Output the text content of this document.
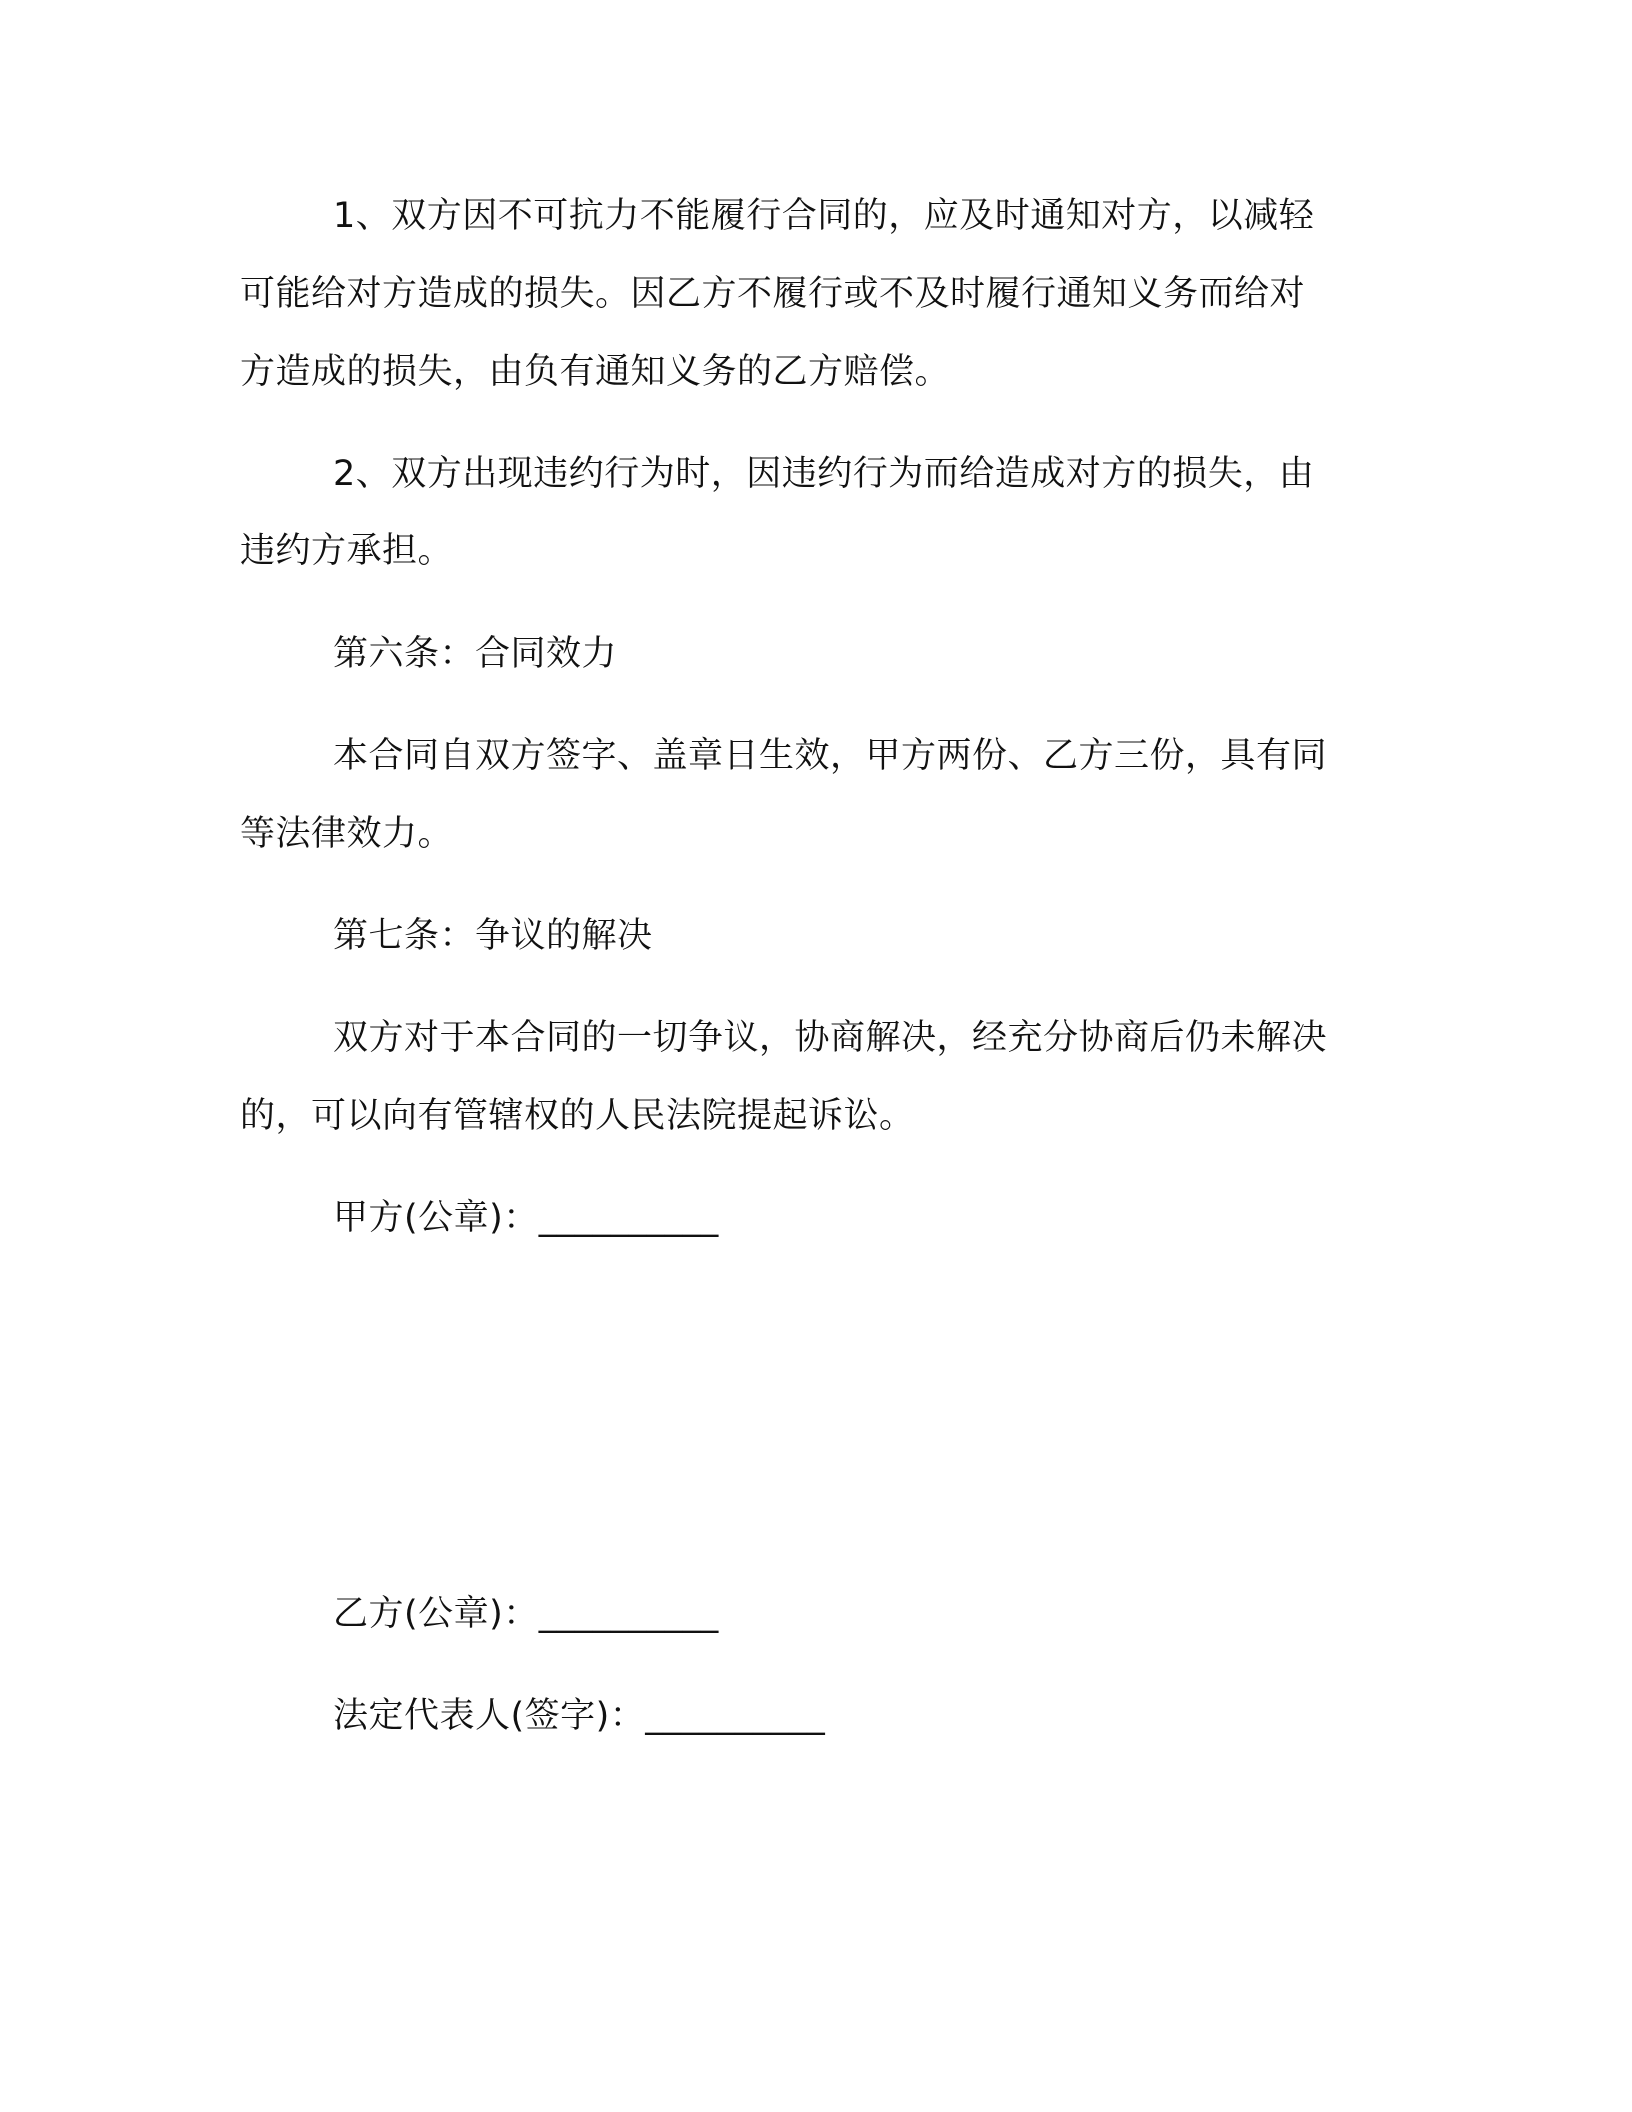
1、双方因不可抗力不能履行合同的，应及时通知对方，以减轻
可能给对方造成的损失。因乙方不履行或不及时履行通知义务而给对
方造成的损失，由负有通知义务的乙方赔偿。
2、双方出现违约行为时，因违约行为而给造成对方的损失，由
违约方承担。
第六条：合同效力
本合同自双方签字、盖章日生效，甲方两份、乙方三份，具有同
等法律效力。
第七条：争议的解决
双方对于本合同的一切争议，协商解决，经充分协商后仍未解决
的，可以向有管辖权的人民法院提起诉讼。
甲方(公章)：__________
乙方(公章)：__________
法定代表人(签字)：__________
